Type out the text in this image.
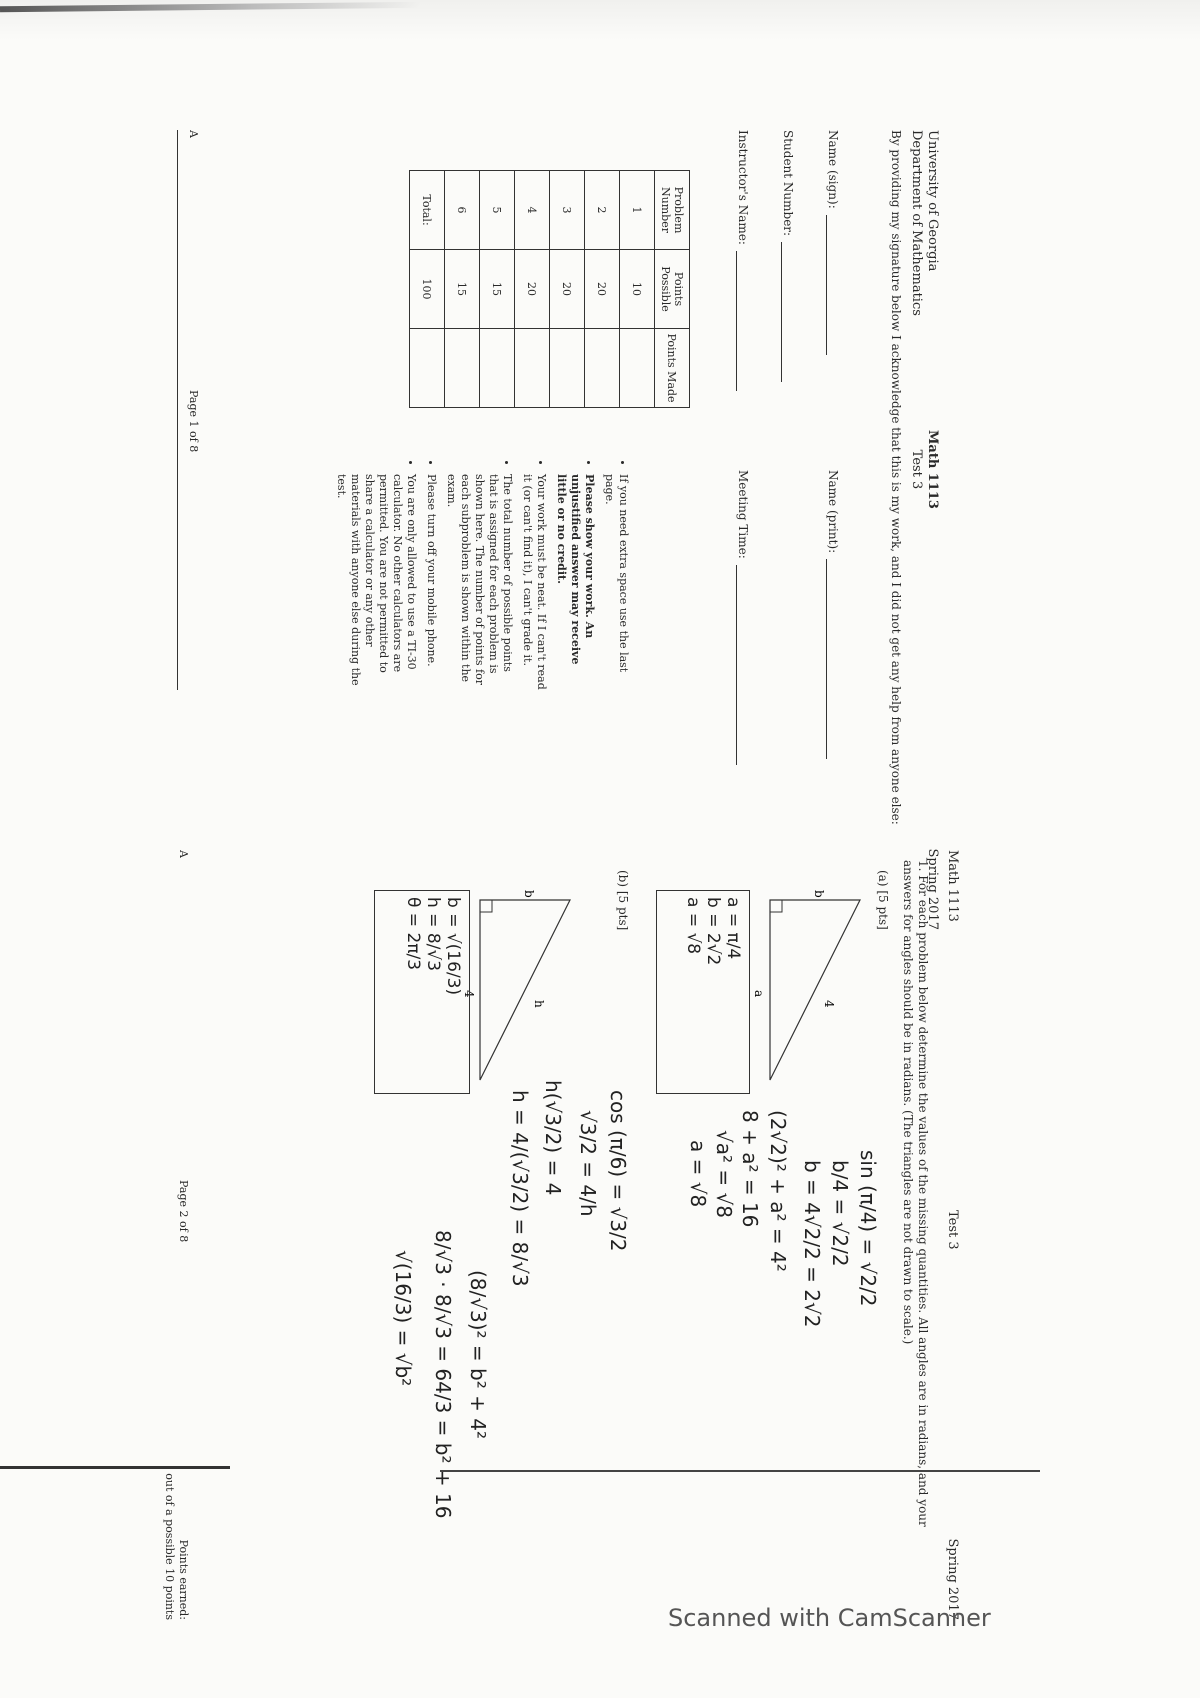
University of Georgia
Department of Mathematics
Math 1113
Test 3
Spring 2017
By providing my signature below I acknowledge that this is my work, and I did not get any help from anyone else:
Name (sign):
Name (print):
Student Number:
Instructor's Name:
Meeting Time:
Problem Number	Points Possible	Points Made
1	10	
2	20	
3	20	
4	20	
5	15	
6	15	
Total:	100	
• If you need extra space use the last page.
• Please show your work. An unjustified answer may receive little or no credit.
• Your work must be neat. If I can't read it (or can't find it), I can't grade it.
• The total number of possible points that is assigned for each problem is shown here. The number of points for each subproblem is shown within the exam.
• Please turn off your mobile phone.
• You are only allowed to use a TI-30 calculator. No other calculators are permitted. You are not permitted to share a calculator or any other materials with anyone else during the test.
A
Page 1 of 8
Math 1113
Test 3
Spring 2017
1. For each problem below determine the values of the missing quantities. All angles are in radians, and your answers for angles should be in radians. (The triangles are not drawn to scale.)
(a) [5 pts]
4
a
b
a = π/4
b = 2√2
a = √8
sin (π/4) = √2/2
b/4 = √2/2
b = 4√2/2 = 2√2
(2√2)² + a² = 4²
8 + a² = 16
√a² = √8
a = √8
(b) [5 pts]
4
h
b
b = √(16/3)
h = 8/√3
θ = 2π/3
cos (π/6) = √3/2
√3/2 = 4/h
h(√3/2) = 4
h = 4/(√3/2) = 8/√3
(8/√3)² = b² + 4²
8/√3 · 8/√3 = 64/3 = b² + 16
√(16/3) = √b²
A
Page 2 of 8
Points earned:
out of a possible 10 points	Scanned with CamScanner
